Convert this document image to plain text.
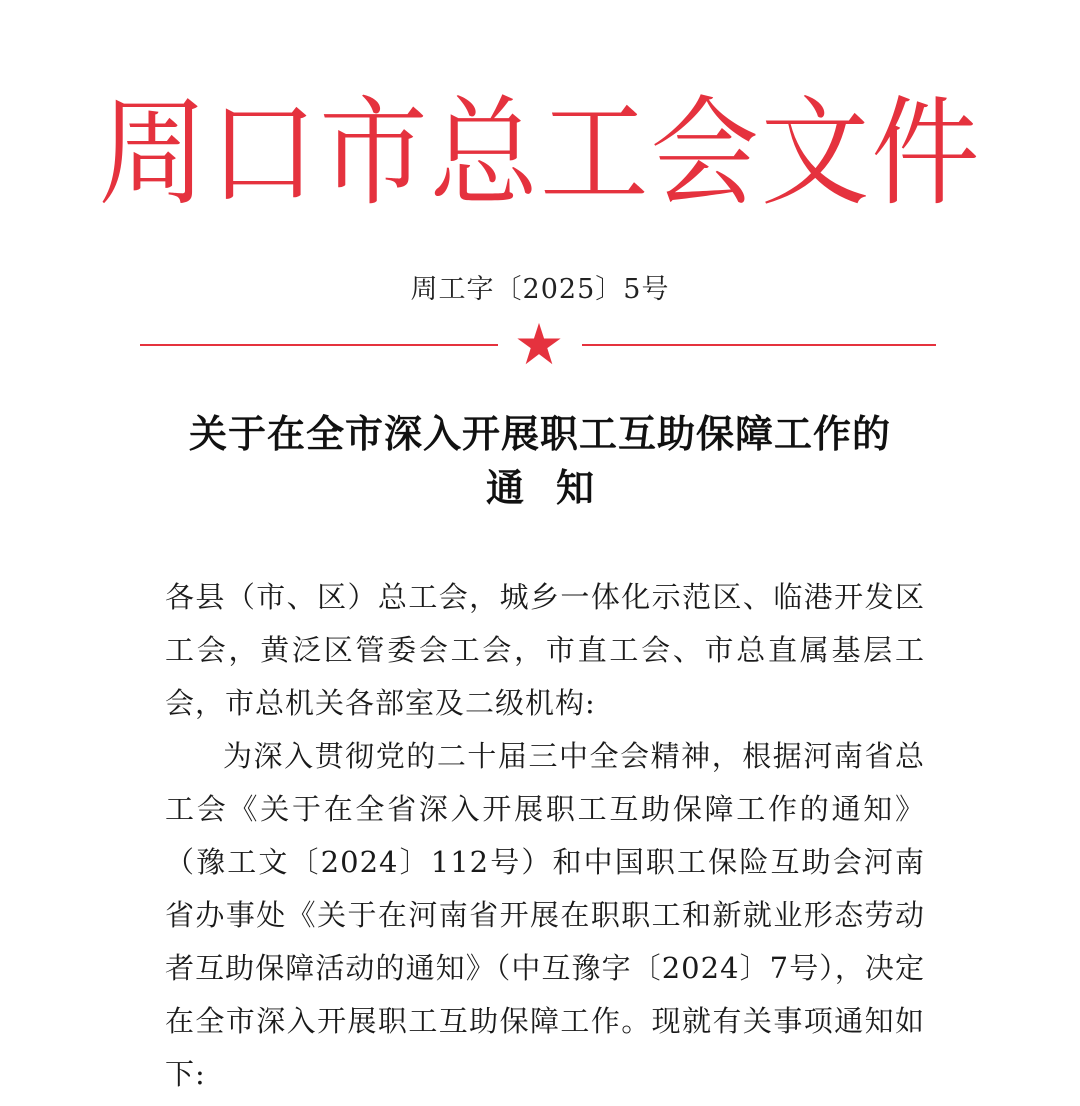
周口市总工会文件
周工字〔2025〕5号
关于在全市深入开展职工互助保障工作的
通知
各县（市、区）总工会，城乡一体化示范区、临港开发区工会，黄泛区管委会工会，市直工会、市总直属基层工会，市总机关各部室及二级机构:
为深入贯彻党的二十届三中全会精神，根据河南省总工会《关于在全省深入开展职工互助保障工作的通知》（豫工文〔2024〕112号）和中国职工保险互助会河南省办事处《关于在河南省开展在职职工和新就业形态劳动者互助保障活动的通知》（中互豫字〔2024〕7号），决定在全市深入开展职工互助保障工作。现就有关事项通知如下:
